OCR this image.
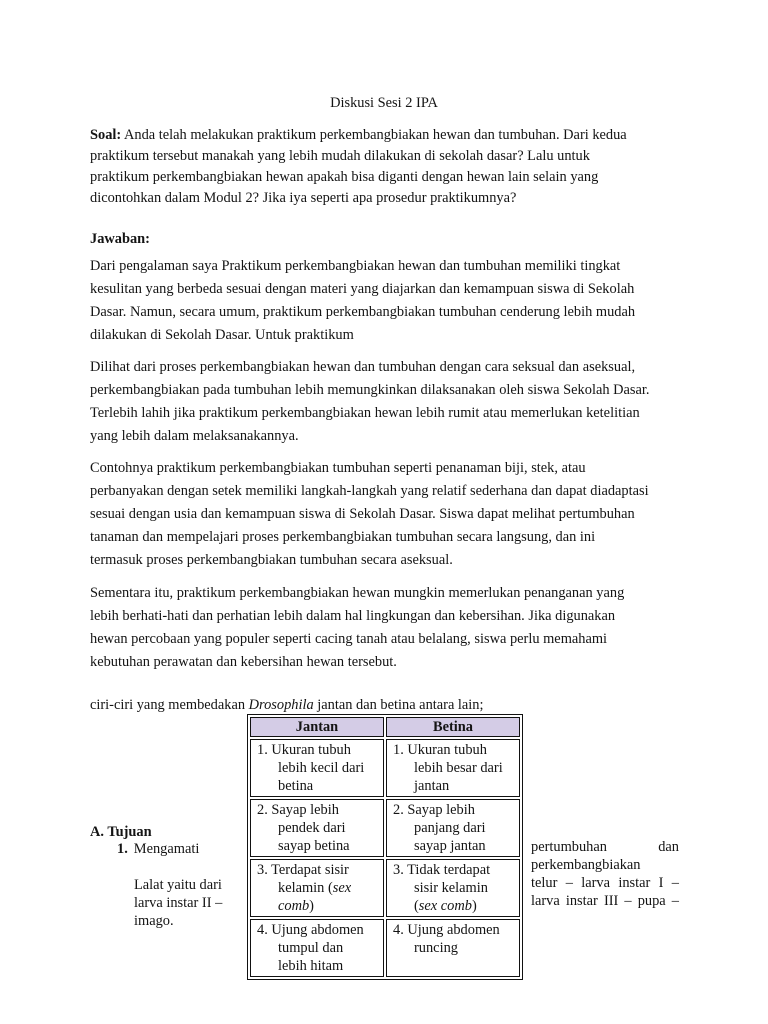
Diskusi Sesi 2 IPA
Soal: Anda telah melakukan praktikum perkembangbiakan hewan dan tumbuhan. Dari kedua
praktikum tersebut manakah yang lebih mudah dilakukan di sekolah dasar? Lalu untuk
praktikum perkembangbiakan hewan apakah bisa diganti dengan hewan lain selain yang
dicontohkan dalam Modul 2? Jika iya seperti apa prosedur praktikumnya?
Jawaban:
Dari pengalaman saya Praktikum perkembangbiakan hewan dan tumbuhan memiliki tingkat
kesulitan yang berbeda sesuai dengan materi yang diajarkan dan kemampuan siswa di Sekolah
Dasar. Namun, secara umum, praktikum perkembangbiakan tumbuhan cenderung lebih mudah
dilakukan di Sekolah Dasar. Untuk praktikum
Dilihat dari proses perkembangbiakan hewan dan tumbuhan dengan cara seksual dan aseksual,
perkembangbiakan pada tumbuhan lebih memungkinkan dilaksanakan oleh siswa Sekolah Dasar.
Terlebih lahih jika praktikum perkembangbiakan hewan lebih rumit atau memerlukan ketelitian
yang lebih dalam melaksanakannya.
Contohnya praktikum perkembangbiakan tumbuhan seperti penanaman biji, stek, atau
perbanyakan dengan setek memiliki langkah-langkah yang relatif sederhana dan dapat diadaptasi
sesuai dengan usia dan kemampuan siswa di Sekolah Dasar. Siswa dapat melihat pertumbuhan
tanaman dan mempelajari proses perkembangbiakan tumbuhan secara langsung, dan ini
termasuk proses perkembangbiakan tumbuhan secara aseksual.
Sementara itu, praktikum perkembangbiakan hewan mungkin memerlukan penanganan yang
lebih berhati-hati dan perhatian lebih dalam hal lingkungan dan kebersihan. Jika digunakan
hewan percobaan yang populer seperti cacing tanah atau belalang, siswa perlu memahami
kebutuhan perawatan dan kebersihan hewan tersebut.
ciri-ciri yang membedakan Drosophila jantan dan betina antara lain;
Jantan	Betina

1. Ukuran tubuh
lebih kecil dari
betina	1. Ukuran tubuh
lebih besar dari
jantan

2. Sayap lebih
pendek dari
sayap betina	2. Sayap lebih
panjang dari
sayap jantan

3. Terdapat sisir
kelamin (sex
comb)	3. Tidak terdapat
sisir kelamin
(sex comb)

4. Ujung abdomen
tumpul dan
lebih hitam	4. Ujung abdomen
runcing
A. Tujuan
1. Mengamati
Lalat yaitu dari
larva instar II –
imago.
pertumbuhan dan
perkembangbiakan
telur – larva instar I –
larva instar III – pupa –
